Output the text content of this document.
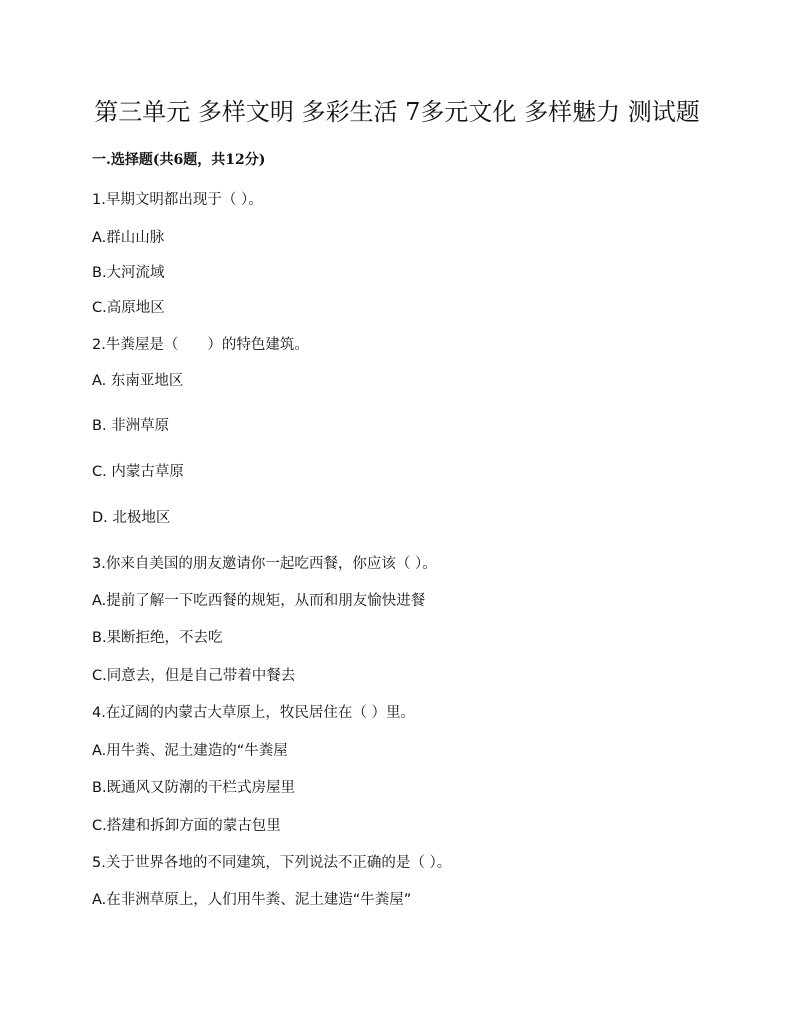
第三单元 多样文明 多彩生活 7多元文化 多样魅力 测试题
一.选择题(共6题，共12分)
1.早期文明都出现于（ ）。
A.群山山脉
B.大河流域
C.高原地区
2.牛粪屋是（　　）的特色建筑。
A. 东南亚地区
B. 非洲草原
C. 内蒙古草原
D. 北极地区
3.你来自美国的朋友邀请你一起吃西餐，你应该（ ）。
A.提前了解一下吃西餐的规矩，从而和朋友愉快进餐
B.果断拒绝，不去吃
C.同意去，但是自己带着中餐去
4.在辽阔的内蒙古大草原上，牧民居住在（ ）里。
A.用牛粪、泥土建造的“牛粪屋
B.既通风又防潮的干栏式房屋里
C.搭建和拆卸方面的蒙古包里
5.关于世界各地的不同建筑，下列说法不正确的是（ ）。
A.在非洲草原上，人们用牛粪、泥土建造“牛粪屋”
